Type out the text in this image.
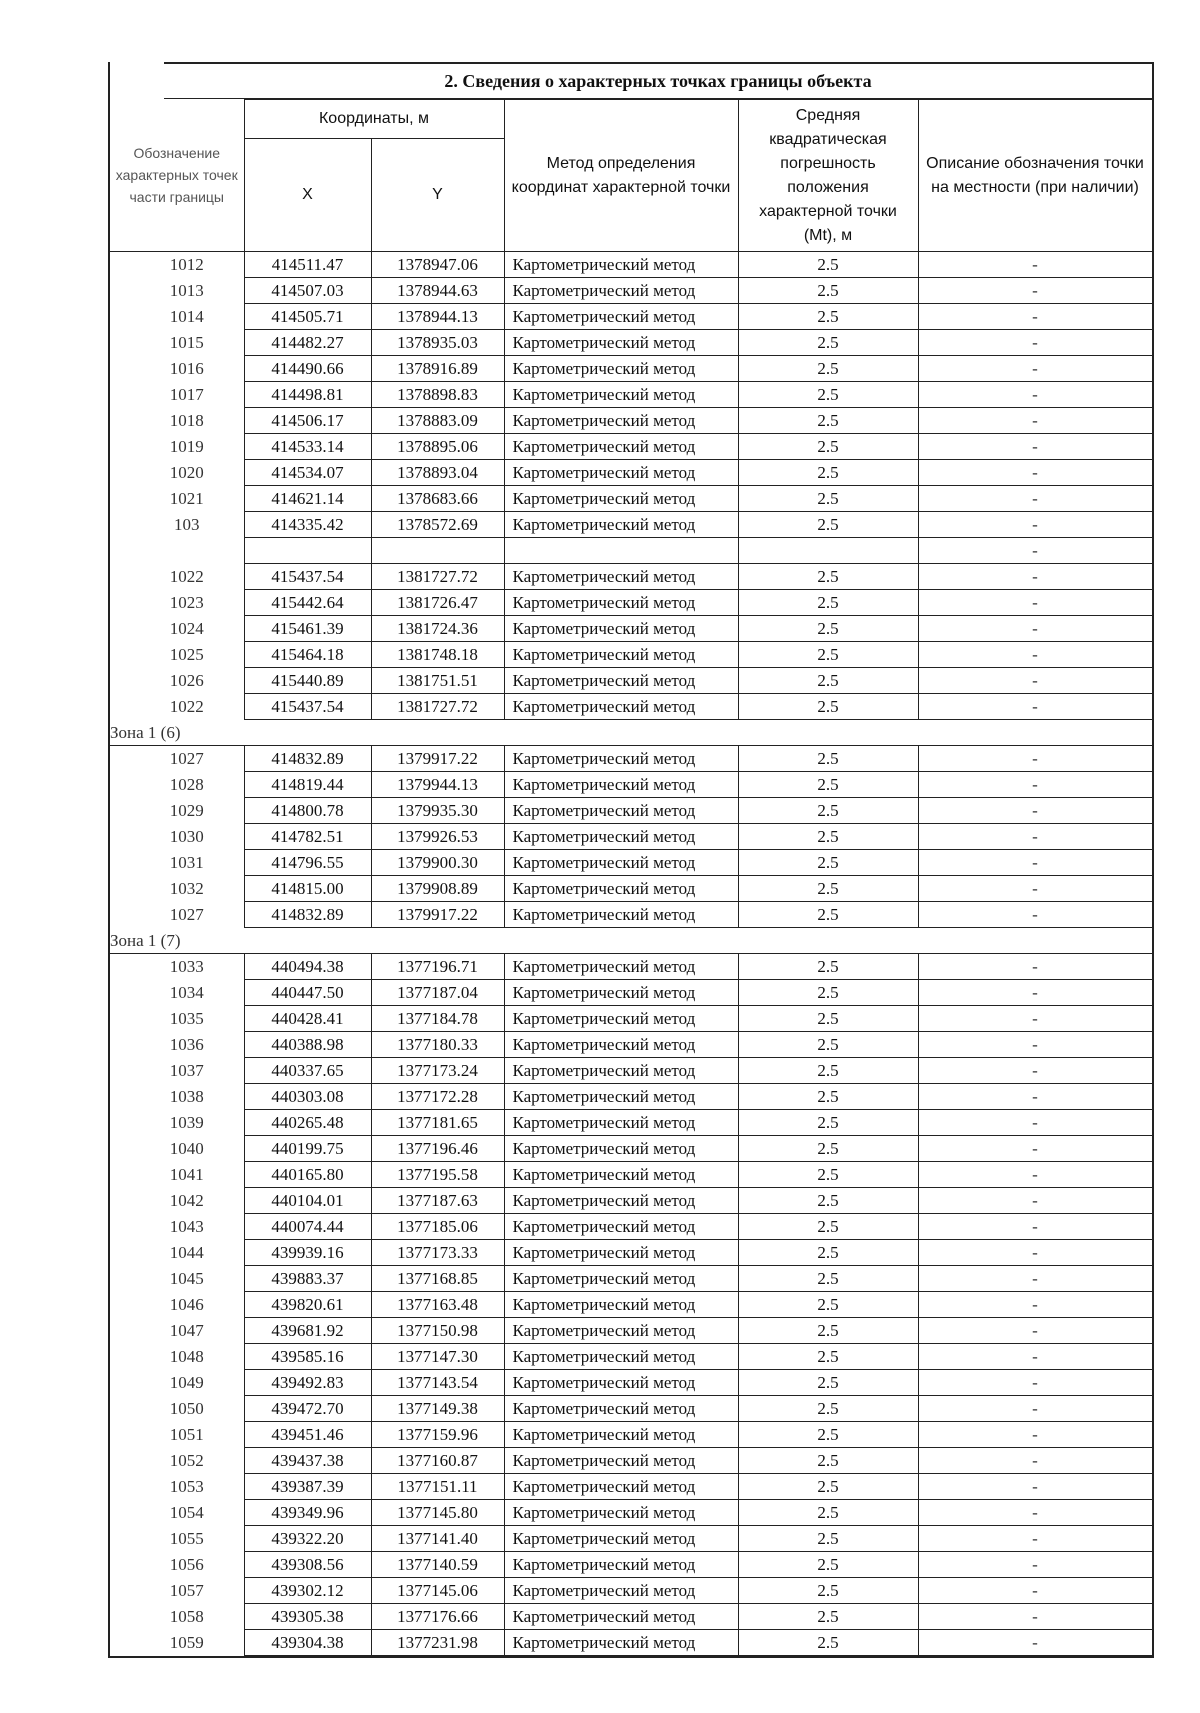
2. Сведения о характерных точках границы объекта
Обозначение характерных точек части границы	Координаты, м		Метод определения координат характерной точки	Средняя квадратическая погрешность положения характерной точки (Mt), м	Описание обозначения точки на местности (при наличии)
	X	Y			
1012	414511.47	1378947.06	Картометрический метод	2.5	-
1013	414507.03	1378944.63	Картометрический метод	2.5	-
1014	414505.71	1378944.13	Картометрический метод	2.5	-
1015	414482.27	1378935.03	Картометрический метод	2.5	-
1016	414490.66	1378916.89	Картометрический метод	2.5	-
1017	414498.81	1378898.83	Картометрический метод	2.5	-
1018	414506.17	1378883.09	Картометрический метод	2.5	-
1019	414533.14	1378895.06	Картометрический метод	2.5	-
1020	414534.07	1378893.04	Картометрический метод	2.5	-
1021	414621.14	1378683.66	Картометрический метод	2.5	-
103	414335.42	1378572.69	Картометрический метод	2.5	-
					-
1022	415437.54	1381727.72	Картометрический метод	2.5	-
1023	415442.64	1381726.47	Картометрический метод	2.5	-
1024	415461.39	1381724.36	Картометрический метод	2.5	-
1025	415464.18	1381748.18	Картометрический метод	2.5	-
1026	415440.89	1381751.51	Картометрический метод	2.5	-
1022	415437.54	1381727.72	Картометрический метод	2.5	-
Зона 1 (6)					
1027	414832.89	1379917.22	Картометрический метод	2.5	-
1028	414819.44	1379944.13	Картометрический метод	2.5	-
1029	414800.78	1379935.30	Картометрический метод	2.5	-
1030	414782.51	1379926.53	Картометрический метод	2.5	-
1031	414796.55	1379900.30	Картометрический метод	2.5	-
1032	414815.00	1379908.89	Картометрический метод	2.5	-
1027	414832.89	1379917.22	Картометрический метод	2.5	-
Зона 1 (7)					
1033	440494.38	1377196.71	Картометрический метод	2.5	-
1034	440447.50	1377187.04	Картометрический метод	2.5	-
1035	440428.41	1377184.78	Картометрический метод	2.5	-
1036	440388.98	1377180.33	Картометрический метод	2.5	-
1037	440337.65	1377173.24	Картометрический метод	2.5	-
1038	440303.08	1377172.28	Картометрический метод	2.5	-
1039	440265.48	1377181.65	Картометрический метод	2.5	-
1040	440199.75	1377196.46	Картометрический метод	2.5	-
1041	440165.80	1377195.58	Картометрический метод	2.5	-
1042	440104.01	1377187.63	Картометрический метод	2.5	-
1043	440074.44	1377185.06	Картометрический метод	2.5	-
1044	439939.16	1377173.33	Картометрический метод	2.5	-
1045	439883.37	1377168.85	Картометрический метод	2.5	-
1046	439820.61	1377163.48	Картометрический метод	2.5	-
1047	439681.92	1377150.98	Картометрический метод	2.5	-
1048	439585.16	1377147.30	Картометрический метод	2.5	-
1049	439492.83	1377143.54	Картометрический метод	2.5	-
1050	439472.70	1377149.38	Картометрический метод	2.5	-
1051	439451.46	1377159.96	Картометрический метод	2.5	-
1052	439437.38	1377160.87	Картометрический метод	2.5	-
1053	439387.39	1377151.11	Картометрический метод	2.5	-
1054	439349.96	1377145.80	Картометрический метод	2.5	-
1055	439322.20	1377141.40	Картометрический метод	2.5	-
1056	439308.56	1377140.59	Картометрический метод	2.5	-
1057	439302.12	1377145.06	Картометрический метод	2.5	-
1058	439305.38	1377176.66	Картометрический метод	2.5	-
1059	439304.38	1377231.98	Картометрический метод	2.5	-
